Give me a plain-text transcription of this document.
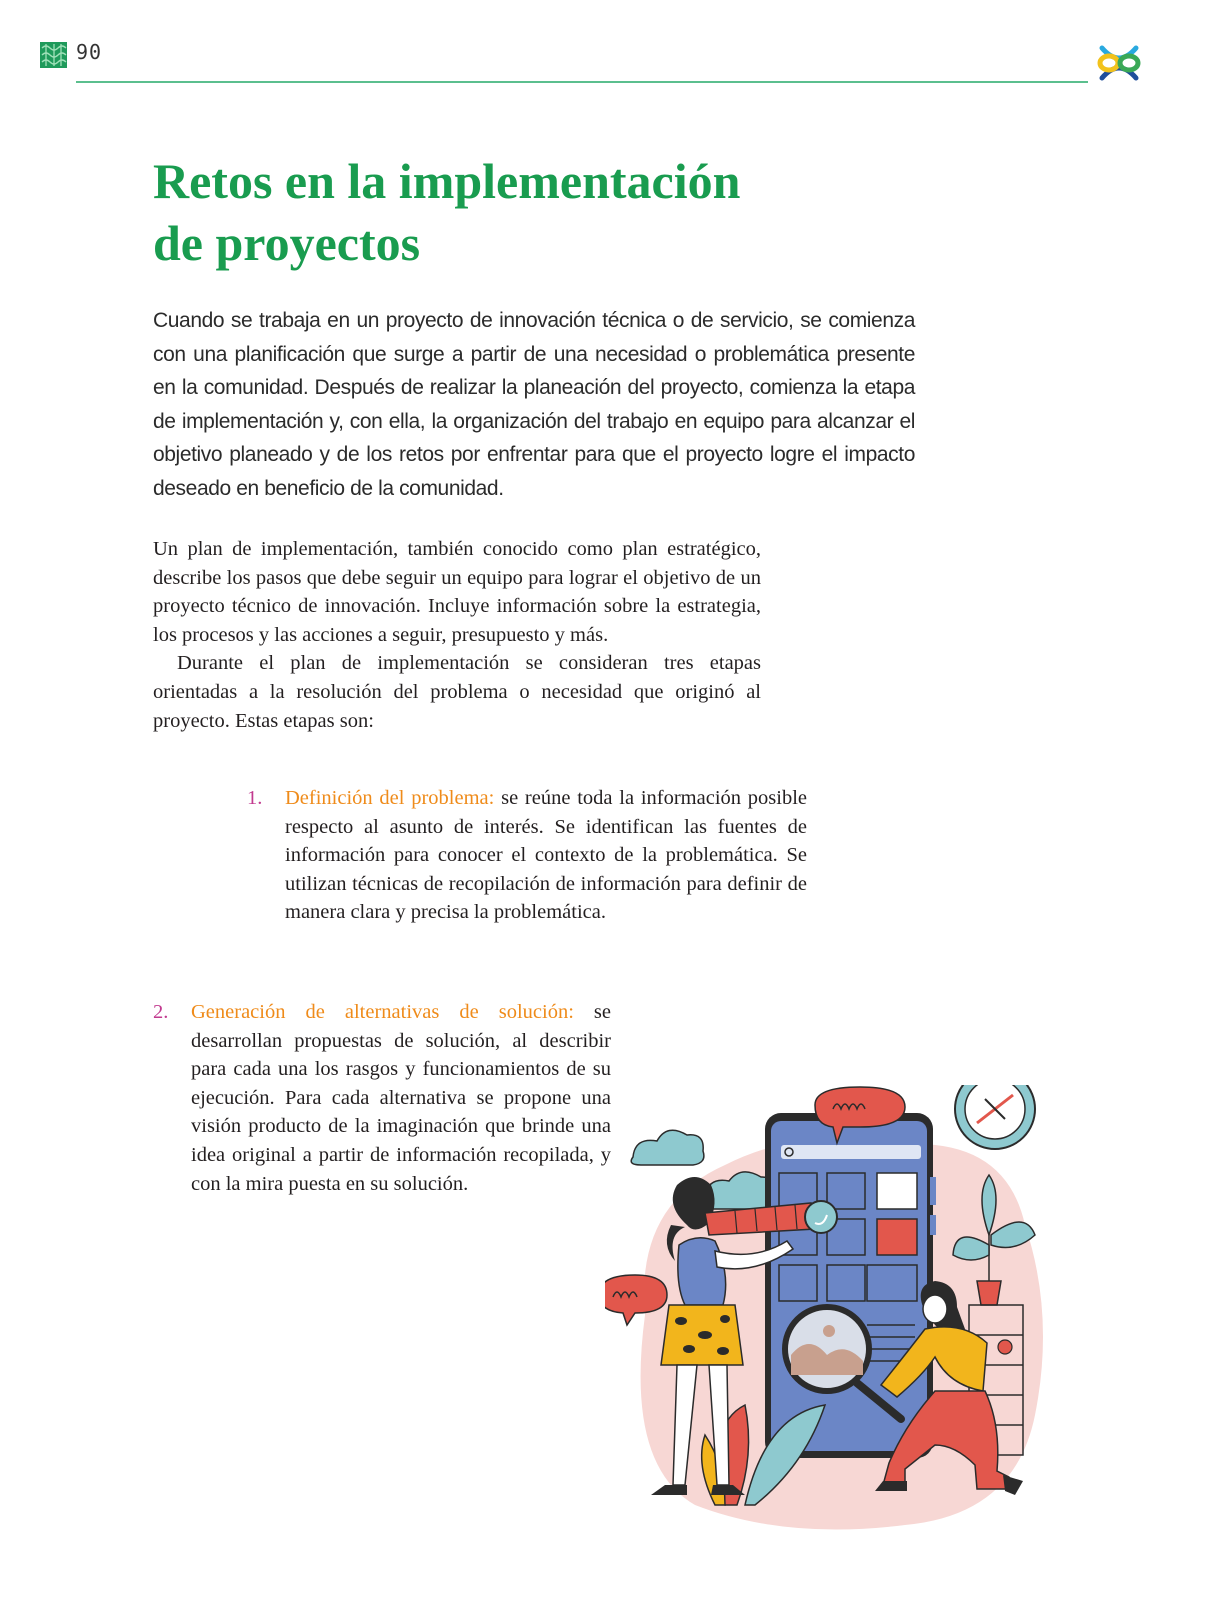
90
Retos en la implementación
de proyectos

Cuando se trabaja en un proyecto de innovación técnica o de servicio, se comienza con una planificación que surge a partir de una necesidad o problemática presente en la comunidad. Después de realizar la planeación del proyecto, comienza la etapa de implementación y, con ella, la organización del trabajo en equipo para alcanzar el objetivo planeado y de los retos por enfrentar para que el proyecto logre el impacto deseado en beneficio de la comunidad.

Un plan de implementación, también conocido como plan estratégico, describe los pasos que debe seguir un equipo para lograr el objetivo de un proyecto técnico de innovación. Incluye información sobre la estrategia, los procesos y las acciones a seguir, presupuesto y más.

Durante el plan de implementación se consideran tres etapas orientadas a la resolución del problema o necesidad que originó al proyecto. Estas etapas son:

1. Definición del problema: se reúne toda la información posible respecto al asunto de interés. Se identifican las fuentes de información para conocer el contexto de la problemática. Se utilizan técnicas de recopilación de información para definir de manera clara y precisa la problemática.
2. Generación de alternativas de solución: se desarrollan propuestas de solución, al describir para cada una los rasgos y funcionamientos de su ejecución. Para cada alternativa se propone una visión producto de la imaginación que brinde una idea original a partir de información recopilada, y con la mira puesta en su solución.
